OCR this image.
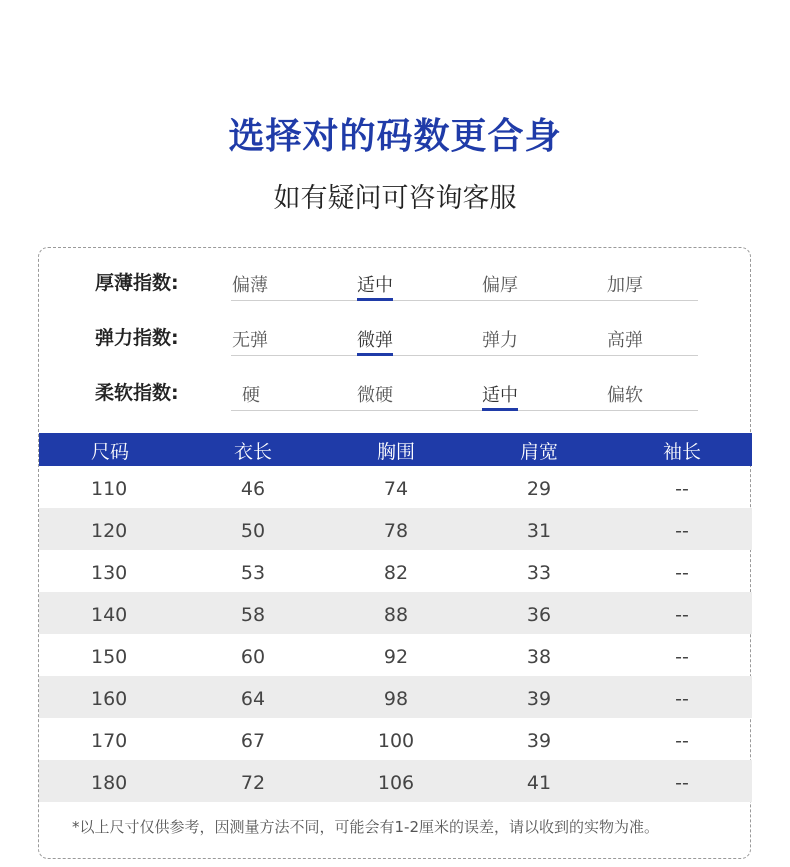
选择对的码数更合身
如有疑问可咨询客服
厚薄指数:	偏薄	适中	偏厚	加厚
弹力指数:	无弹	微弹	弹力	高弹
柔软指数:	硬	微硬	适中	偏软
尺码	衣长	胸围	肩宽	袖长
110	46	74	29	--
120	50	78	31	--
130	53	82	33	--
140	58	88	36	--
150	60	92	38	--
160	64	98	39	--
170	67	100	39	--
180	72	106	41	--
*以上尺寸仅供参考，因测量方法不同，可能会有1-2厘米的误差，请以收到的实物为准。
